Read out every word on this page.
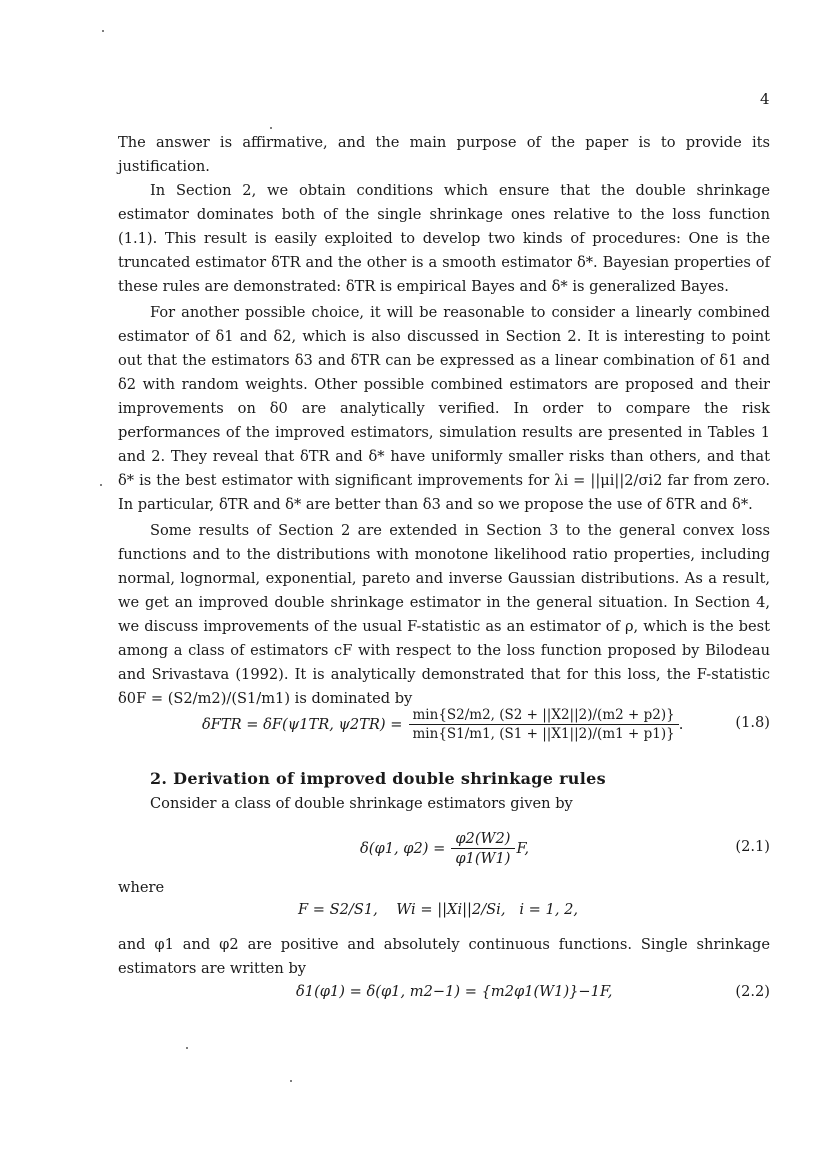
4

The answer is affirmative, and the main purpose of the paper is to provide its justification.

In Section 2, we obtain conditions which ensure that the double shrinkage estimator dominates both of the single shrinkage ones relative to the loss function (1.1). This result is easily exploited to develop two kinds of procedures: One is the truncated estimator δTR and the other is a smooth estimator δ*. Bayesian properties of these rules are demonstrated: δTR is empirical Bayes and δ* is generalized Bayes.

For another possible choice, it will be reasonable to consider a linearly combined estimator of δ1 and δ2, which is also discussed in Section 2. It is interesting to point out that the estimators δ3 and δTR can be expressed as a linear combination of δ1 and δ2 with random weights. Other possible combined estimators are proposed and their improvements on δ0 are analytically verified. In order to compare the risk performances of the improved estimators, simulation results are presented in Tables 1 and 2. They reveal that δTR and δ* have uniformly smaller risks than others, and that δ* is the best estimator with significant improvements for λi = ||μi||2/σi2 far from zero. In particular, δTR and δ* are better than δ3 and so we propose the use of δTR and δ*.

Some results of Section 2 are extended in Section 3 to the general convex loss functions and to the distributions with monotone likelihood ratio properties, including normal, lognormal, exponential, pareto and inverse Gaussian distributions. As a result, we get an improved double shrinkage estimator in the general situation. In Section 4, we discuss improvements of the usual F-statistic as an estimator of ρ, which is the best among a class of estimators cF with respect to the loss function proposed by Bilodeau and Srivastava (1992). It is analytically demonstrated that for this loss, the F-statistic δ0F = (S2/m2)/(S1/m1) is dominated by

δFTR = δF(ψ1TR, $\psi 2TR) = \frac{\min\{S2/m2, (S2 + ||X2||2)/(m2 + p2)\}}{\min\{S1/m1, (S1 + ||X1||2)/(m1 + p1)\}}$ .	(1.8)
2. Derivation of improved double shrinkage rules
Consider a class of double shrinkage estimators given by
δ(φ1, $\varphi 2) = \frac{\varphi 2(W2)}{\varphi 1(W1)} F$,	(2.1)
where
F = S2/S1,    Wi = ||Xi||2/Si,   i = 1, 2,
and φ1 and φ2 are positive and absolutely continuous functions. Single shrinkage estimators are written by
δ1(φ1) = δ(φ1, m2−1) = {m2φ1(W1)}−1F,	(2.2)
